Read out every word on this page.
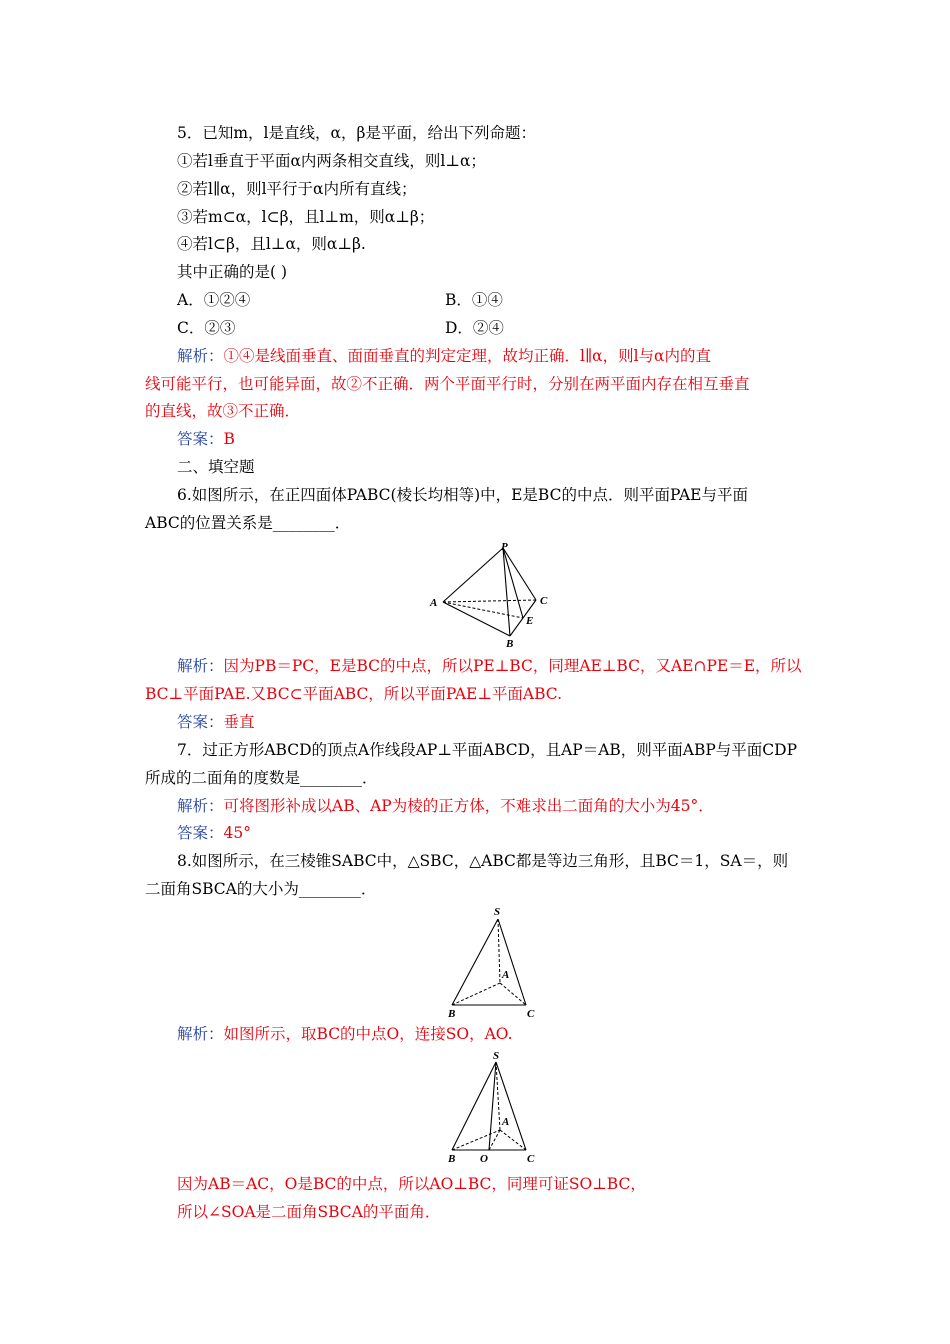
5．已知m，l是直线，α，β是平面，给出下列命题：
①若l垂直于平面α内两条相交直线，则l⊥α；
②若l∥α，则l平行于α内所有直线；
③若m⊂α，l⊂β，且l⊥m，则α⊥β；
④若l⊂β，且l⊥α，则α⊥β.
其中正确的是( )
A．①②④	B．①④
C．②③	D．②④
解析：①④是线面垂直、面面垂直的判定定理，故均正确．l∥α，则l与α内的直
线可能平行，也可能异面，故②不正确．两个平面平行时，分别在两平面内存在相互垂直
的直线，故③不正确．
答案：B
二、填空题
6.如图所示，在正四面体PABC(棱长均相等)中，E是BC的中点．则平面PAE与平面
ABC的位置关系是________．
P
A
B
C
E
解析：因为PB＝PC，E是BC的中点，所以PE⊥BC，同理AE⊥BC，又AE∩PE＝E，所以
BC⊥平面PAE.又BC⊂平面ABC，所以平面PAE⊥平面ABC.
答案：垂直
7．过正方形ABCD的顶点A作线段AP⊥平面ABCD，且AP＝AB，则平面ABP与平面CDP
所成的二面角的度数是________．
解析：可将图形补成以AB、AP为棱的正方体，不难求出二面角的大小为45°．
答案：45°
8.如图所示，在三棱锥SABC中，△SBC，△ABC都是等边三角形，且BC＝1，SA＝，则
二面角SBCA的大小为________．
S
A
B	C
解析：如图所示，取BC的中点O，连接SO，AO.
S
A
B O	C
因为AB＝AC，O是BC的中点，所以AO⊥BC，同理可证SO⊥BC，
所以∠SOA是二面角SBCA的平面角．
